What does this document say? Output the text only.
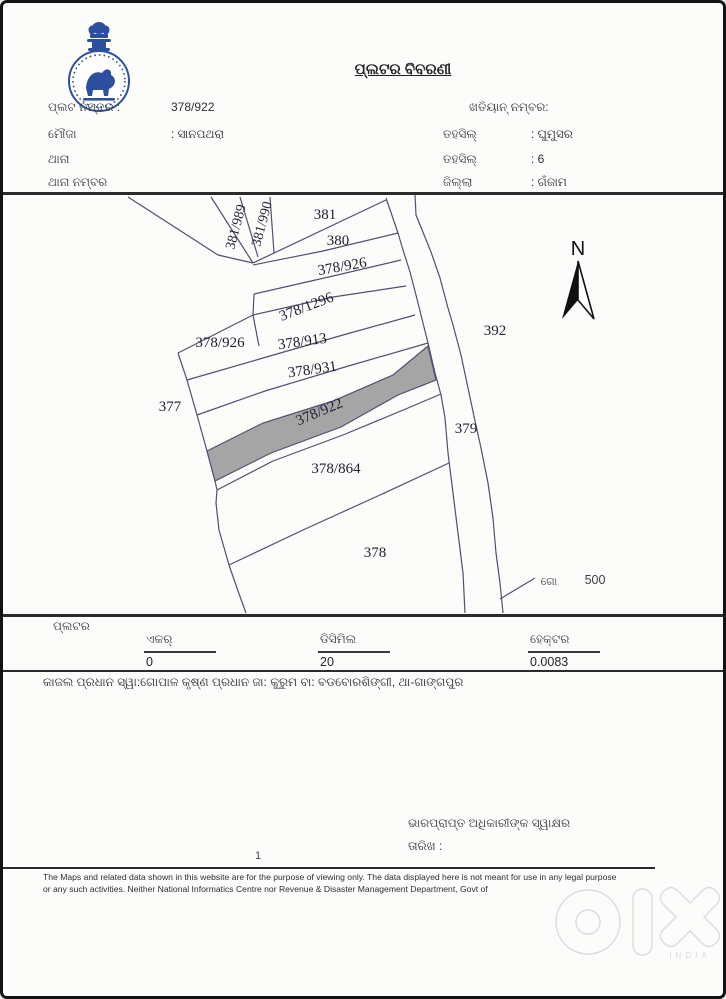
ପ୍ଲଟର ବିବରଣୀ
ପ୍ଲଟ ନମ୍ବର :	378/922
ମୌଜା	: ସାନପଥରା
ଥାନା
ଥାନା ନମ୍ବର
ଖତିୟାନ୍ ନମ୍ବର:
ତହସିଲ୍	: ଘୁମୁସର
ତହସିଲ୍	: 6
ଜିଲ୍ଲା	: ଗଁଜାମ
N
381/989 381/990	381
380
378/926
378/1296
378/926 378/913
378/931
378/922
377
392
379
378/864
378
ଗୋ 500
ପ୍ଲଟର
ଏକର୍	ଡିସିମିଲ	ହେକ୍ଟର
0	20	0.0083
କାଜଲ ପ୍ରଧାନ ସ୍ୱା:ଗୋପାଳ କୃଷ୍ଣ ପ୍ରଧାନ ଜା: କୁରୁମ ବା: ବଡବୋରଶିଙ୍ଗୀ, ଥା-ଗାଙ୍ଗପୁର
ଭାରପ୍ରାପ୍ତ ଅଧିକାରୀଙ୍କ ସ୍ୱାକ୍ଷର
ତାରିଖ :
1
The Maps and related data shown in this website are for the purpose of viewing only. The data displayed here is not meant for use in any legal purpose
or any such activities. Neither National Informatics Centre nor Revenue & Disaster Management Department, Govt of
INDIA
